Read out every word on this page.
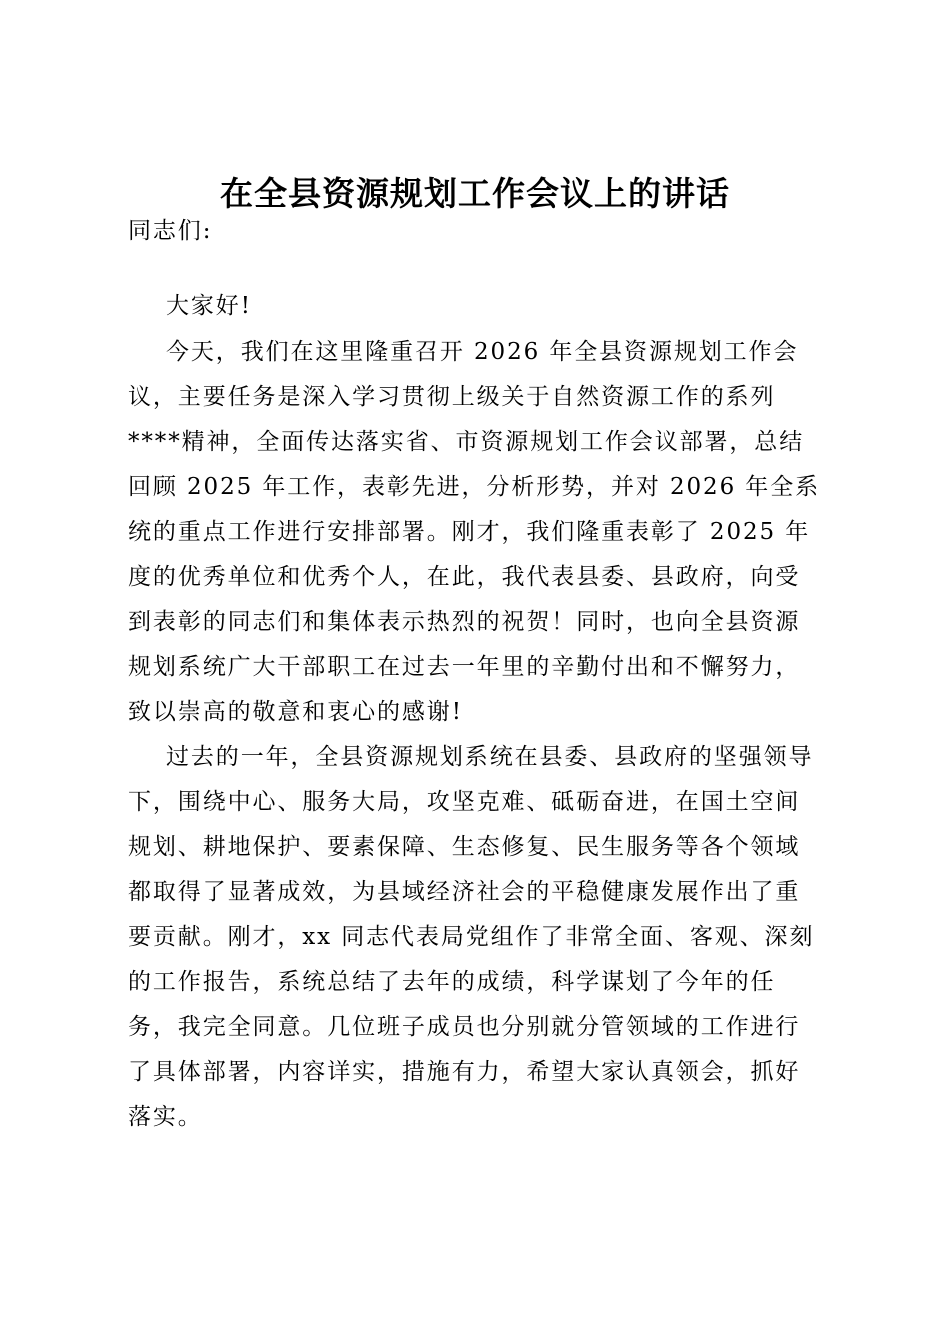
在全县资源规划工作会议上的讲话
同志们:
大家好!
今天，我们在这里隆重召开 2026 年全县资源规划工作会
议，主要任务是深入学习贯彻上级关于自然资源工作的系列
****精神，全面传达落实省、市资源规划工作会议部署，总结
回顾 2025 年工作，表彰先进，分析形势，并对 2026 年全系
统的重点工作进行安排部署。刚才，我们隆重表彰了 2025 年
度的优秀单位和优秀个人，在此，我代表县委、县政府，向受
到表彰的同志们和集体表示热烈的祝贺！同时，也向全县资源
规划系统广大干部职工在过去一年里的辛勤付出和不懈努力，
致以崇高的敬意和衷心的感谢!
过去的一年，全县资源规划系统在县委、县政府的坚强领导
下，围绕中心、服务大局，攻坚克难、砥砺奋进，在国土空间
规划、耕地保护、要素保障、生态修复、民生服务等各个领域
都取得了显著成效，为县域经济社会的平稳健康发展作出了重
要贡献。刚才，xx 同志代表局党组作了非常全面、客观、深刻
的工作报告，系统总结了去年的成绩，科学谋划了今年的任
务，我完全同意。几位班子成员也分别就分管领域的工作进行
了具体部署，内容详实，措施有力，希望大家认真领会，抓好
落实。
